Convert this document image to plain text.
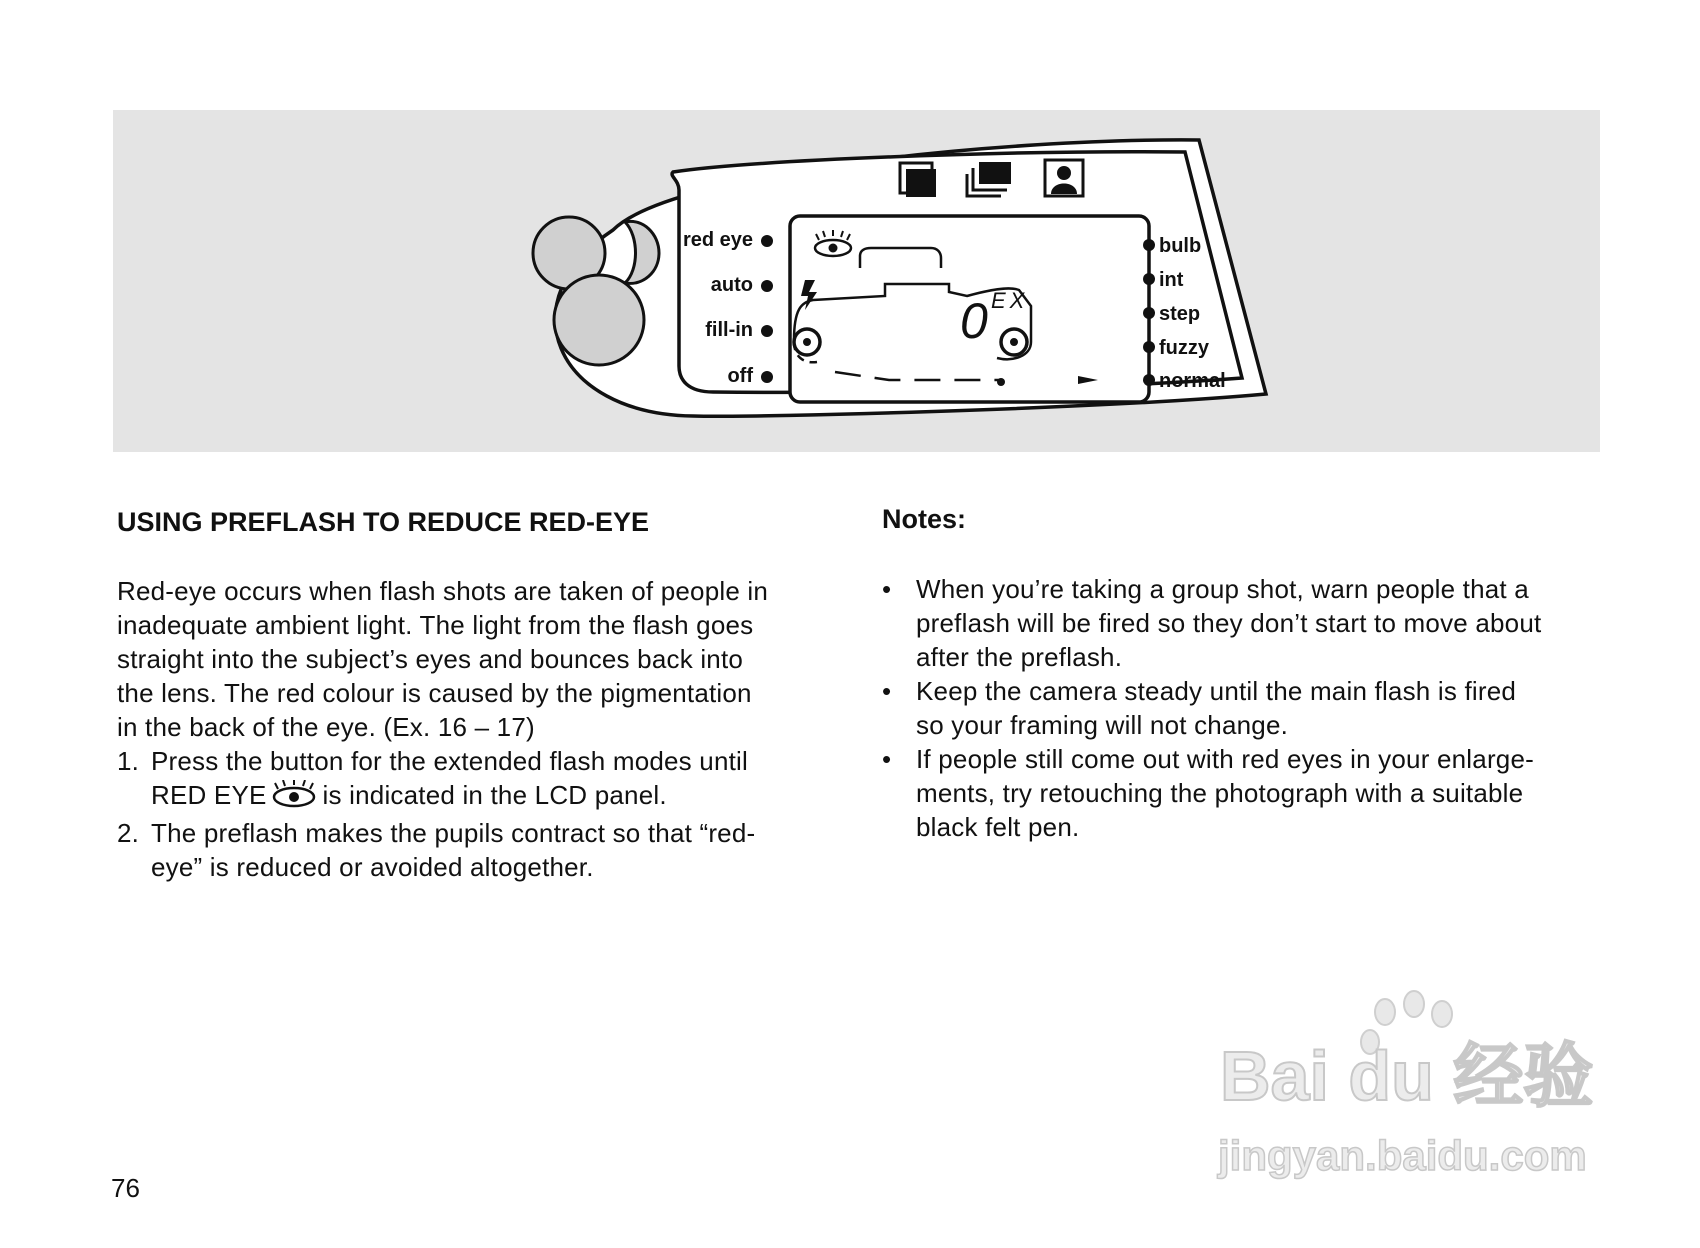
0 EX
red eye
auto
fill-in
off
bulb
int
step
fuzzy
normal
USING PREFLASH TO REDUCE RED-EYE

Red-eye occurs when flash shots are taken of people in

inadequate ambient light. The light from the flash goes

straight into the subject’s eyes and bounces back into

the lens. The red colour is caused by the pigmentation

in the back of the eye. (Ex. 16 – 17)

1. Press the button for the extended flash modes until

RED EYE is indicated in the LCD panel.

2. The preflash makes the pupils contract so that “red-

eye” is reduced or avoided altogether.

Notes:
• When you’re taking a group shot, warn people that a

preflash will be fired so they don’t start to move about

after the preflash.

• Keep the camera steady until the main flash is fired

so your framing will not change.

• If people still come out with red eyes in your enlarge-

ments, try retouching the photograph with a suitable

black felt pen.

76
Bai du 经验
jingyan.baidu.com
